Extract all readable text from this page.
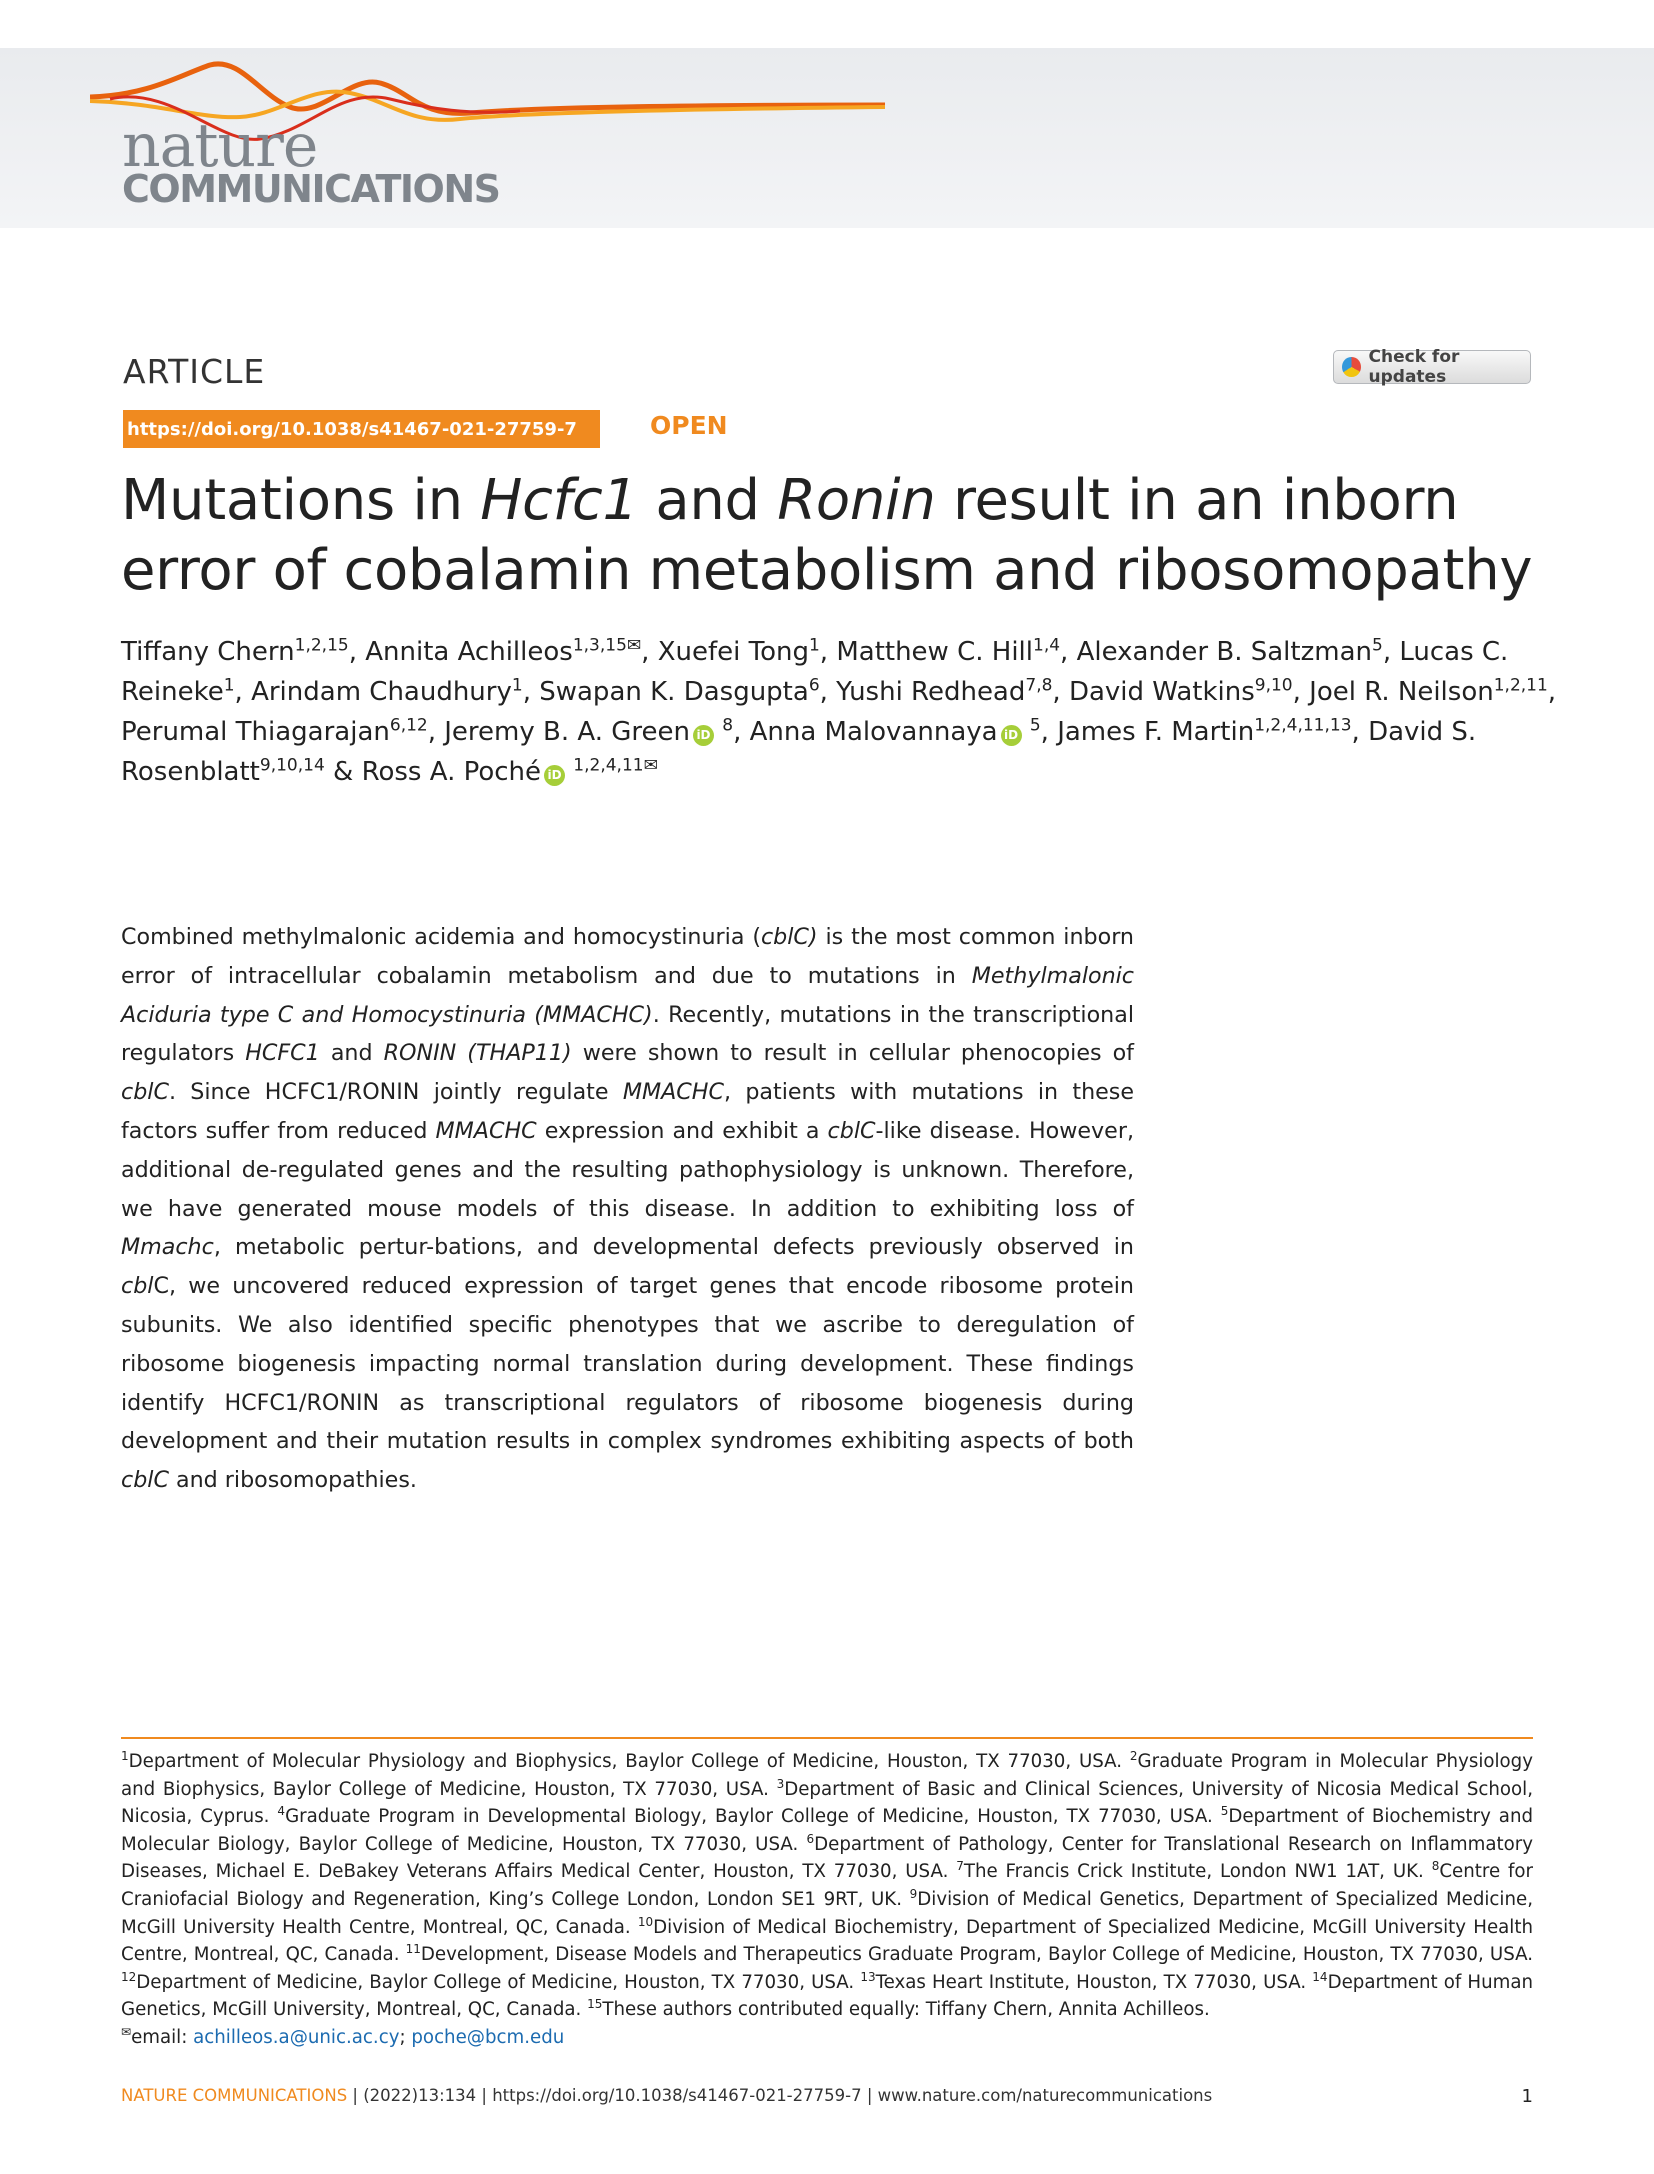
nature
COMMUNICATIONS
ARTICLE	Check for updates
https://doi.org/10.1038/s41467-021-27759-7	OPEN
Mutations in Hcfc1 and Ronin result in an inborn error of cobalamin metabolism and ribosomopathy
Tiffany Chern$^{1,2,15}$, Annita Achilleos$^{1,3,15✉}$, Xuefei Tong$^1$, Matthew C. Hill$^{1,4}$, Alexander B. Saltzman$^5$, Lucas C. Reineke$^1$, Arindam Chaudhury$^1$, Swapan K. Dasgupta$^6$, Yushi Redhead$^{7,8}$, David Watkins$^{9,10}$, Joel R. Neilson$^{1,2,11}$, Perumal Thiagarajan$^{6,12}$, Jeremy B. A. Green iD $^8$, Anna Malovannaya iD $^5$, James F. Martin$^{1,2,4,11,13}$, David S. Rosenblatt$^{9,10,14}$ & Ross A. Poché iD $^{1,2,4,11✉}$
Combined methylmalonic acidemia and homocystinuria (cblC) is the most common inborn error of intracellular cobalamin metabolism and due to mutations in Methylmalonic Aciduria type C and Homocystinuria (MMACHC). Recently, mutations in the transcriptional regulators HCFC1 and RONIN (THAP11) were shown to result in cellular phenocopies of cblC. Since HCFC1/RONIN jointly regulate MMACHC, patients with mutations in these factors suffer from reduced MMACHC expression and exhibit a cblC-like disease. However, additional de-regulated genes and the resulting pathophysiology is unknown. Therefore, we have generated mouse models of this disease. In addition to exhibiting loss of Mmachc, metabolic pertur-bations, and developmental defects previously observed in cblC, we uncovered reduced expression of target genes that encode ribosome protein subunits. We also identified specific phenotypes that we ascribe to deregulation of ribosome biogenesis impacting normal translation during development. These findings identify HCFC1/RONIN as transcriptional regulators of ribosome biogenesis during development and their mutation results in complex syndromes exhibiting aspects of both cblC and ribosomopathies.
$^1$Department of Molecular Physiology and Biophysics, Baylor College of Medicine, Houston, TX 77030, USA. $^2$Graduate Program in Molecular Physiology and Biophysics, Baylor College of Medicine, Houston, TX 77030, USA. $^3$Department of Basic and Clinical Sciences, University of Nicosia Medical School, Nicosia, Cyprus. $^4$Graduate Program in Developmental Biology, Baylor College of Medicine, Houston, TX 77030, USA. $^5$Department of Biochemistry and Molecular Biology, Baylor College of Medicine, Houston, TX 77030, USA. $^6$Department of Pathology, Center for Translational Research on Inflammatory Diseases, Michael E. DeBakey Veterans Affairs Medical Center, Houston, TX 77030, USA. $^7$The Francis Crick Institute, London NW1 1AT, UK. $^8$Centre for Craniofacial Biology and Regeneration, King’s College London, London SE1 9RT, UK. $^9$Division of Medical Genetics, Department of Specialized Medicine, McGill University Health Centre, Montreal, QC, Canada. $^{10}$Division of Medical Biochemistry, Department of Specialized Medicine, McGill University Health Centre, Montreal, QC, Canada. $^{11}$Development, Disease Models and Therapeutics Graduate Program, Baylor College of Medicine, Houston, TX 77030, USA. $^{12}$Department of Medicine, Baylor College of Medicine, Houston, TX 77030, USA. $^{13}$Texas Heart Institute, Houston, TX 77030, USA. $^{14}$Department of Human Genetics, McGill University, Montreal, QC, Canada. $^{15}$These authors contributed equally: Tiffany Chern, Annita Achilleos.
✉email: achilleos.a@unic.ac.cy; poche@bcm.edu
NATURE COMMUNICATIONS | (2022)13:134 | https://doi.org/10.1038/s41467-021-27759-7 | www.nature.com/naturecommunications	1
